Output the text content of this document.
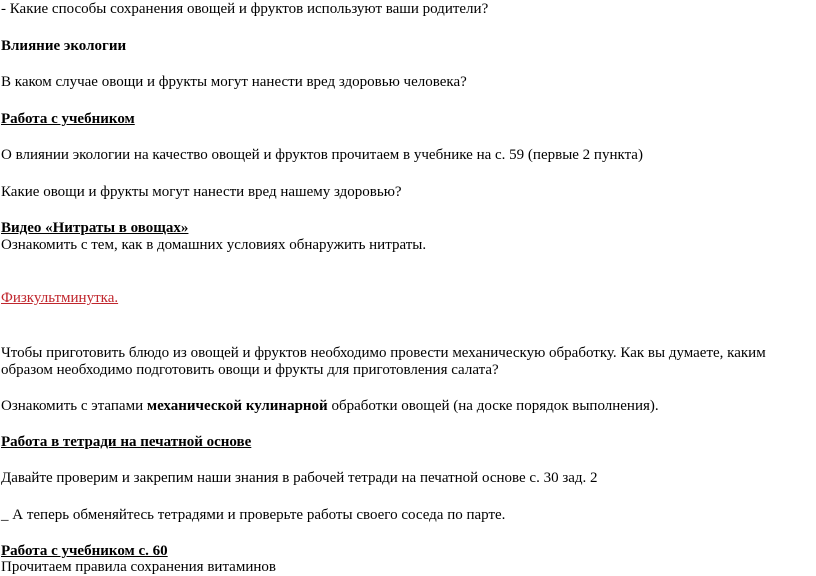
- Какие способы сохранения овощей и фруктов используют ваши родители?

Влияние экологии

В каком случае овощи и фрукты могут нанести вред здоровью человека?

Работа с учебником

О влиянии экологии на качество овощей и фруктов прочитаем в учебнике на с. 59 (первые 2 пункта)

Какие овощи и фрукты могут нанести вред нашему здоровью?

Видео «Нитраты в овощах»

Ознакомить с тем, как в домашних условиях обнаружить нитраты.

Физкультминутка.

Чтобы приготовить блюдо из овощей и фруктов необходимо провести механическую обработку. Как вы думаете, каким

образом необходимо подготовить овощи и фрукты для приготовления салата?

Ознакомить с этапами механической кулинарной обработки овощей (на доске порядок выполнения).

Работа в тетради на печатной основе

Давайте проверим и закрепим наши знания в рабочей тетради на печатной основе с. 30 зад. 2

_ А теперь обменяйтесь тетрадями и проверьте работы своего соседа по парте.

Работа с учебником с. 60

Прочитаем правила сохранения витаминов
